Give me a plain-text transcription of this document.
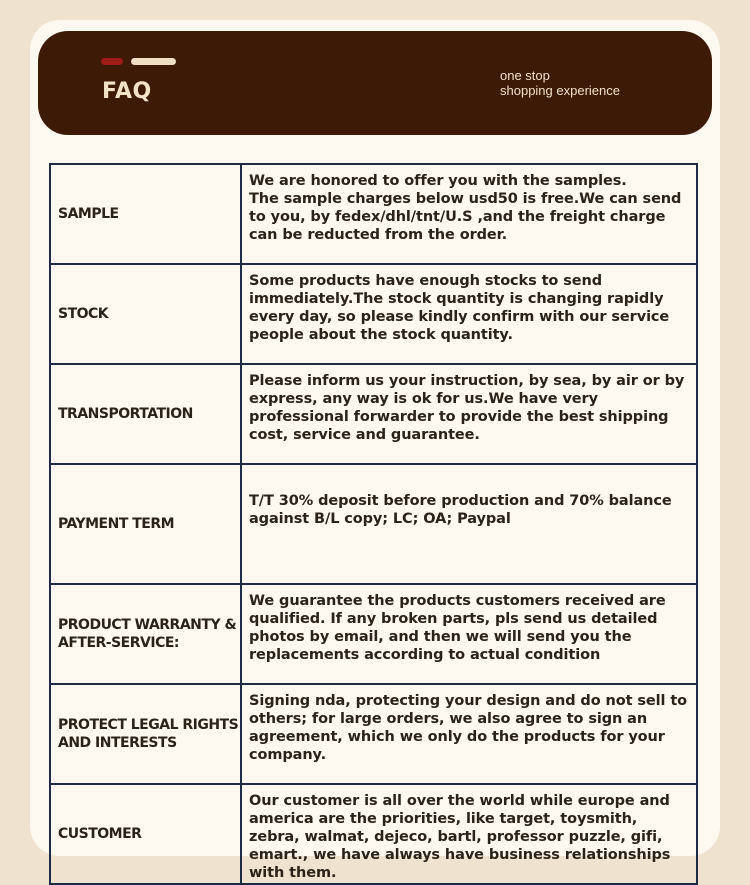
FAQ
one stop
shopping experience
SAMPLE	We are honored to offer you with the samples.
The sample charges below usd50 is free.We can send to you, by fedex/dhl/tnt/U.S ,and the freight charge can be reducted from the order.

STOCK	Some products have enough stocks to send immediately.The stock quantity is changing rapidly every day, so please kindly confirm with our service people about the stock quantity.

TRANSPORTATION	Please inform us your instruction, by sea, by air or by express, any way is ok for us.We have very professional forwarder to provide the best shipping cost, service and guarantee.

PAYMENT TERM	T/T 30% deposit before production and 70% balance against B/L copy; LC; OA; Paypal

PRODUCT WARRANTY & AFTER-SERVICE:	We guarantee the products customers received are qualified. If any broken parts, pls send us detailed photos by email, and then we will send you the replacements according to actual condition

PROTECT LEGAL RIGHTS AND INTERESTS	Signing nda, protecting your design and do not sell to others; for large orders, we also agree to sign an agreement, which we only do the products for your company.

CUSTOMER	Our customer is all over the world while europe and america are the priorities, like target, toysmith, zebra, walmat, dejeco, bartl, professor puzzle, gifi, emart., we have always have business relationships with them.
